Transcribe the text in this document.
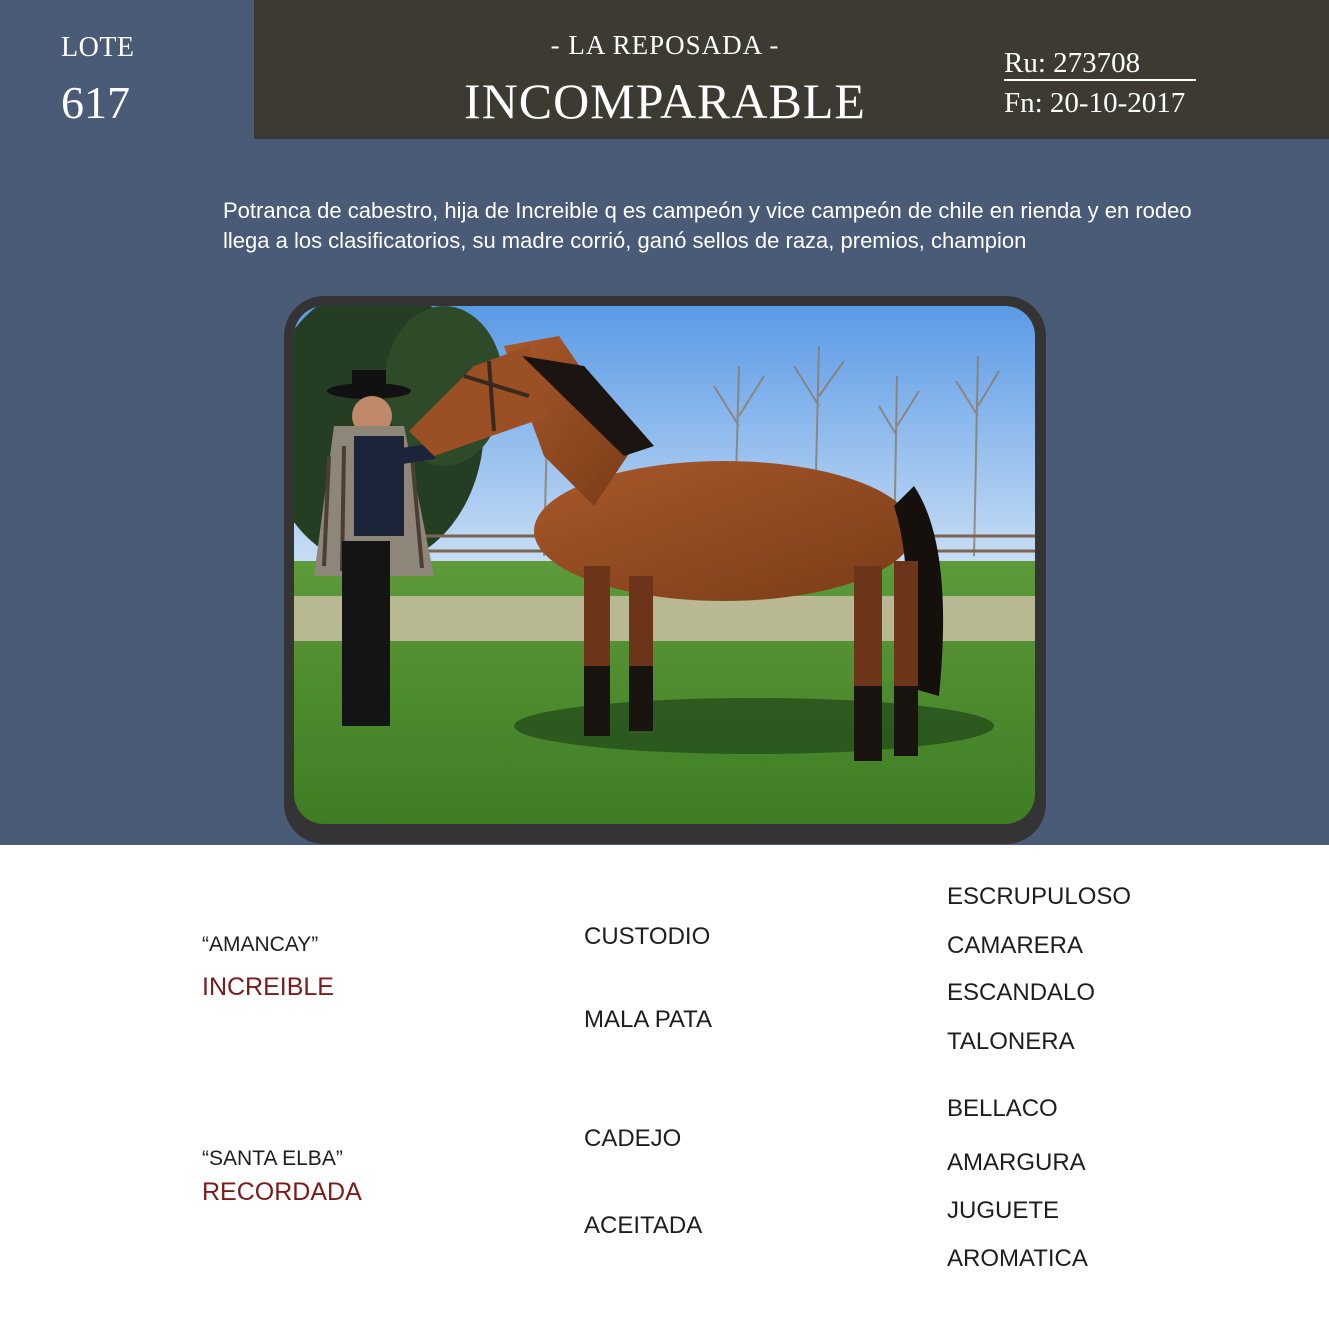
LOTE
617
- LA REPOSADA -
INCOMPARABLE
Ru: 273708
Fn: 20-10-2017
Potranca de cabestro, hija de Increible q es campeón y vice campeón de chile en rienda y en rodeo
llega a los clasificatorios, su madre corrió, ganó sellos de raza, premios, champion
“AMANCAY”
INCREIBLE
“SANTA ELBA”
RECORDADA
CUSTODIO
MALA PATA
CADEJO
ACEITADA
ESCRUPULOSO
CAMARERA
ESCANDALO
TALONERA
BELLACO
AMARGURA
JUGUETE
AROMATICA
